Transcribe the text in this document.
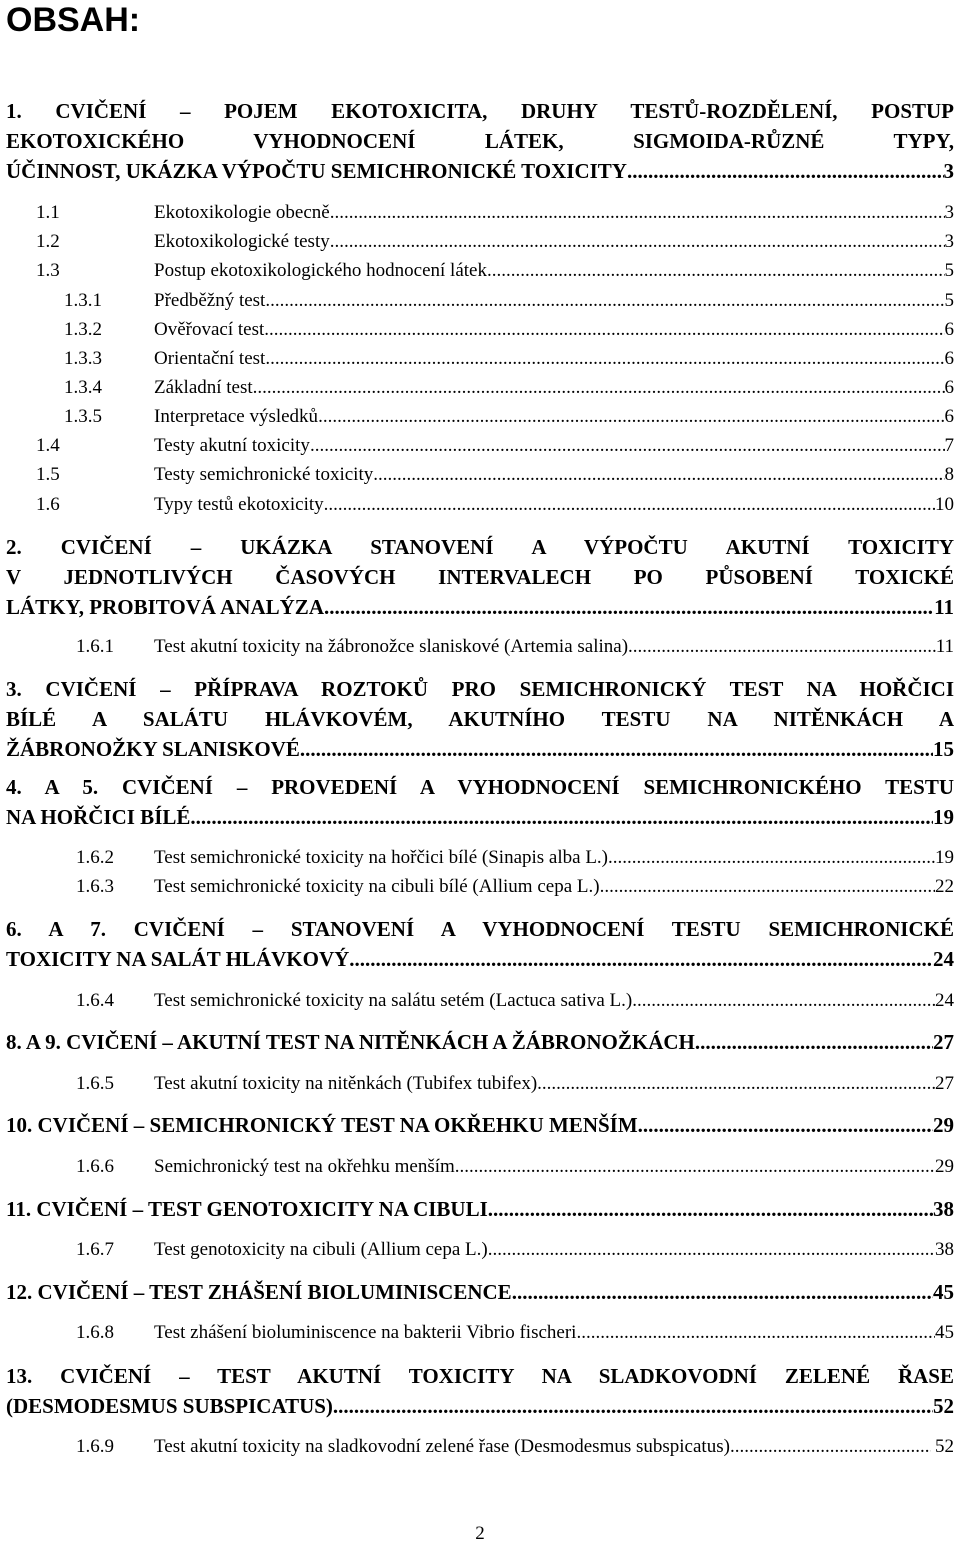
OBSAH:
1. CVIČENÍ – POJEM EKOTOXICITA, DRUHY TESTŮ-ROZDĚLENÍ, POSTUP
EKOTOXICKÉHO VYHODNOCENÍ LÁTEK, SIGMOIDA-RŮZNÉ TYPY,
ÚČINNOST, UKÁZKA VÝPOČTU SEMICHRONICKÉ TOXICITY .....	3
1.1	Ekotoxikologie obecně .....	3
1.2	Ekotoxikologické testy .....	3
1.3	Postup ekotoxikologického hodnocení látek .....	5
1.3.1	Předběžný test .....	5
1.3.2	Ověřovací test .....	6
1.3.3	Orientační test .....	6
1.3.4	Základní test .....	6
1.3.5	Interpretace výsledků .....	6
1.4	Testy akutní toxicity .....	7
1.5	Testy semichronické toxicity .....	8
1.6	Typy testů ekotoxicity .....	10
2. CVIČENÍ – UKÁZKA STANOVENÍ A VÝPOČTU AKUTNÍ TOXICITY
V JEDNOTLIVÝCH ČASOVÝCH INTERVALECH PO PŮSOBENÍ TOXICKÉ
LÁTKY, PROBITOVÁ ANALÝZA .....	11
1.6.1	Test akutní toxicity na žábronožce slaniskové (Artemia salina) .....	11
3. CVIČENÍ – PŘÍPRAVA ROZTOKŮ PRO SEMICHRONICKÝ TEST NA HOŘČICI
BÍLÉ A SALÁTU HLÁVKOVÉM, AKUTNÍHO TESTU NA NITĚNKÁCH A
ŽÁBRONOŽKY SLANISKOVÉ .....	15
4. A 5. CVIČENÍ – PROVEDENÍ A VYHODNOCENÍ SEMICHRONICKÉHO TESTU
NA HOŘČICI BÍLÉ .....	19
1.6.2	Test semichronické toxicity na hořčici bílé (Sinapis alba L.) .....	19
1.6.3	Test semichronické toxicity na cibuli bílé (Allium cepa L.) .....	22
6. A 7. CVIČENÍ – STANOVENÍ A VYHODNOCENÍ TESTU SEMICHRONICKÉ
TOXICITY NA SALÁT HLÁVKOVÝ .....	24
1.6.4	Test semichronické toxicity na salátu setém (Lactuca sativa L.) .....	24
8. A 9. CVIČENÍ – AKUTNÍ TEST NA NITĚNKÁCH A ŽÁBRONOŽKÁCH .....	27
1.6.5	Test akutní toxicity na nitěnkách (Tubifex tubifex) .....	27
10. CVIČENÍ – SEMICHRONICKÝ TEST NA OKŘEHKU MENŠÍM .....	29
1.6.6	Semichronický test na okřehku menším .....	29
11. CVIČENÍ – TEST GENOTOXICITY NA CIBULI .....	38
1.6.7	Test genotoxicity na cibuli (Allium cepa L.) .....	38
12. CVIČENÍ – TEST ZHÁŠENÍ BIOLUMINISCENCE .....	45
1.6.8	Test zhášení bioluminiscence na bakterii Vibrio fischeri .....	45
13. CVIČENÍ – TEST AKUTNÍ TOXICITY NA SLADKOVODNÍ ZELENÉ ŘASE
(DESMODESMUS SUBSPICATUS) .....	52
1.6.9	Test akutní toxicity na sladkovodní zelené řase (Desmodesmus subspicatus) .....	52
2
